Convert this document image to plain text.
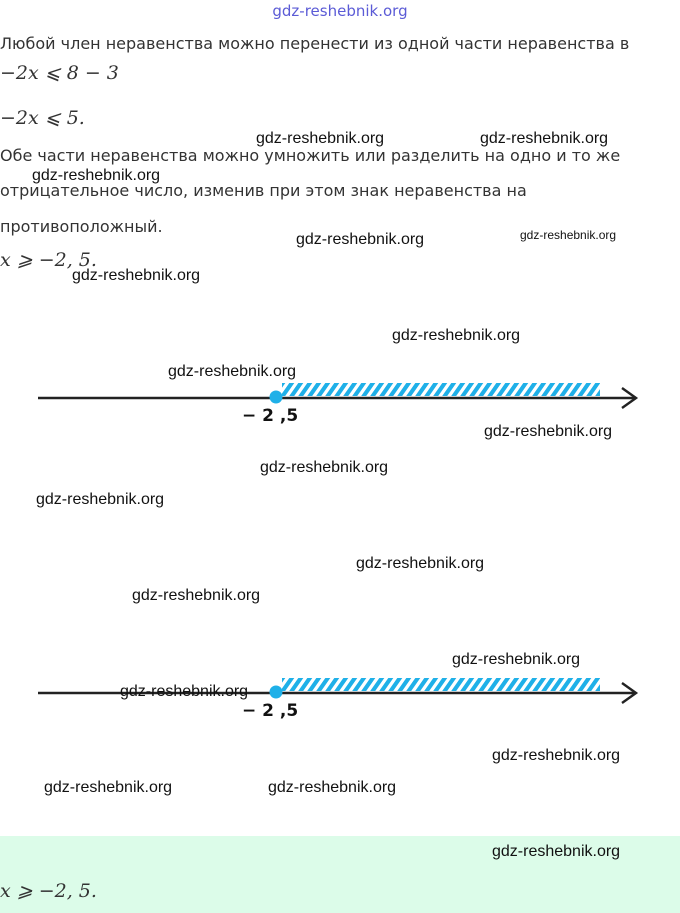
gdz-reshebnik.org
Любой член неравенства можно перенести из одной части неравенства в
−2x ⩽ 8 − 3
−2x ⩽ 5.
Обе части неравенства можно умножить или разделить на одно и то же
отрицательное число, изменив при этом знак неравенства на
противоположный.
x ⩾ −2, 5.
− 2 ,5
− 2 ,5
x ⩾ −2, 5.
gdz-reshebnik.org	gdz-reshebnik.org
gdz-reshebnik.org
gdz-reshebnik.org	gdz-reshebnik.org
gdz-reshebnik.org
gdz-reshebnik.org
gdz-reshebnik.org
gdz-reshebnik.org
gdz-reshebnik.org
gdz-reshebnik.org
gdz-reshebnik.org
gdz-reshebnik.org
gdz-reshebnik.org
gdz-reshebnik.org
gdz-reshebnik.org
gdz-reshebnik.org	gdz-reshebnik.org
gdz-reshebnik.org
